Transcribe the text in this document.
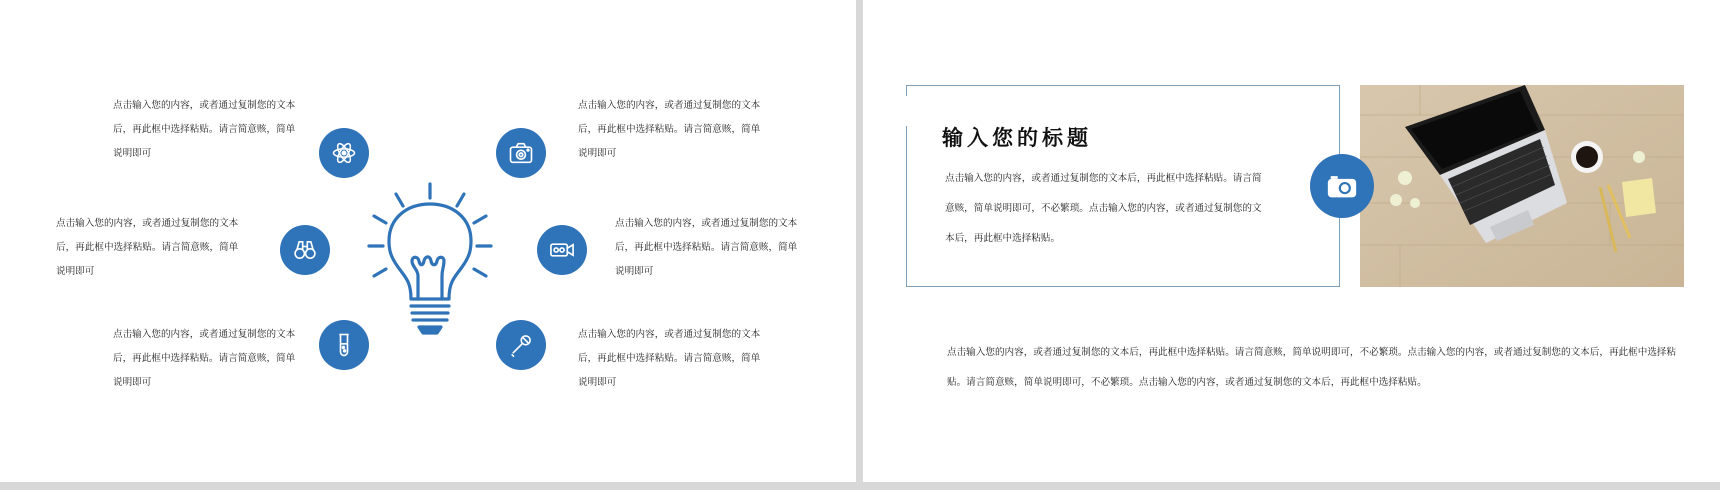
点击输入您的内容，或者通过复制您的文本后，再此框中选择粘贴。请言简意赅，简单说明即可
点击输入您的内容，或者通过复制您的文本后，再此框中选择粘贴。请言简意赅，简单说明即可
点击输入您的内容，或者通过复制您的文本后，再此框中选择粘贴。请言简意赅，简单说明即可
点击输入您的内容，或者通过复制您的文本后，再此框中选择粘贴。请言简意赅，简单说明即可
点击输入您的内容，或者通过复制您的文本后，再此框中选择粘贴。请言简意赅，简单说明即可
点击输入您的内容，或者通过复制您的文本后，再此框中选择粘贴。请言简意赅，简单说明即可
输入您的标题
点击输入您的内容，或者通过复制您的文本后，再此框中选择粘贴。请言简意赅，简单说明即可，不必繁琐。点击输入您的内容，或者通过复制您的文本后，再此框中选择粘贴。
点击输入您的内容，或者通过复制您的文本后，再此框中选择粘贴。请言简意赅，简单说明即可，不必繁琐。点击输入您的内容，或者通过复制您的文本后，再此框中选择粘贴。请言简意赅，简单说明即可，不必繁琐。点击输入您的内容，或者通过复制您的文本后，再此框中选择粘贴。
